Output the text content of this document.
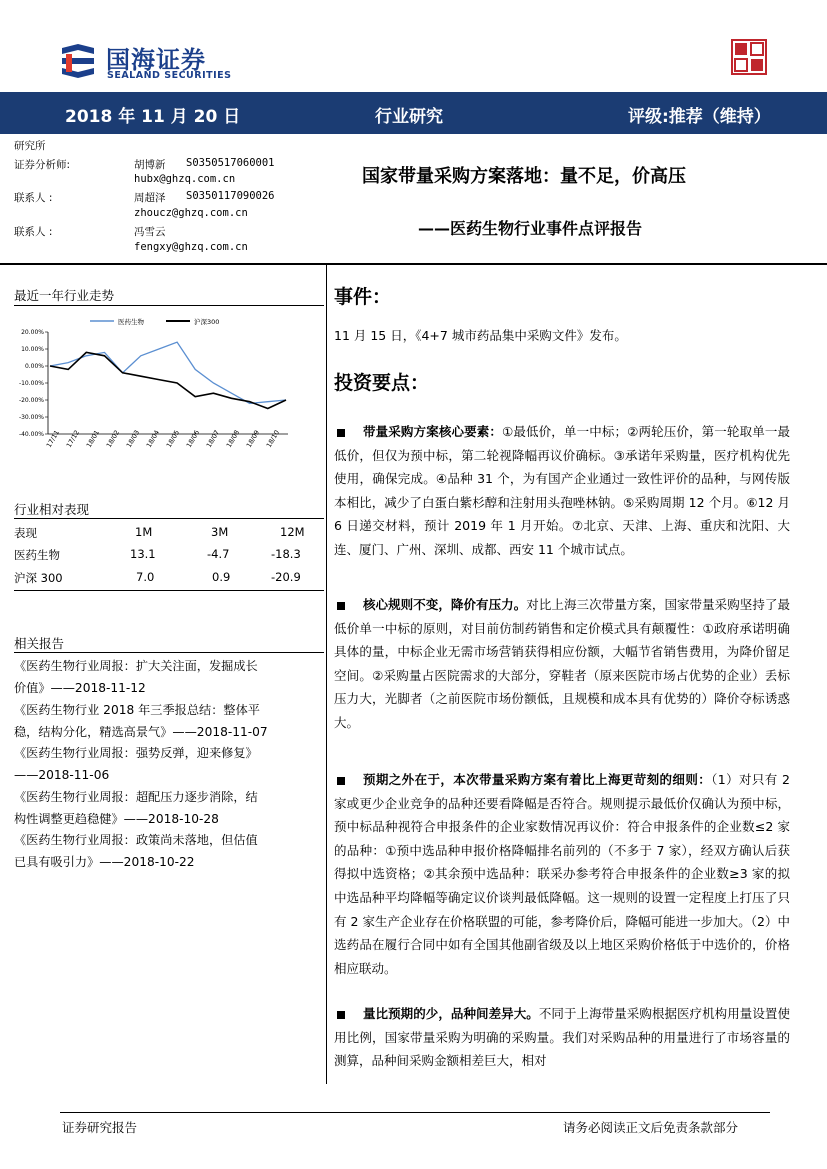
国海证券
SEALAND SECURITIES
2018 年 11 月 20 日	行业研究	评级:推荐（维持）
研究所
证券分析师:	胡博新 S0350517060001
hubx@ghzq.com.cn
联系人 :	周超泽 S0350117090026
zhoucz@ghzq.com.cn
联系人 :	冯雪云
fengxy@ghzq.com.cn
国家带量采购方案落地：量不足，价高压
——医药生物行业事件点评报告
最近一年行业走势
医药生物	沪深300
20.00%
10.00%
0.00%
-10.00%
-20.00%
-30.00%
-40.00% 17/11 17/12 18/01 18/02 18/03 18/04 18/05 18/06 18/07 18/08 18/09 18/10
行业相对表现
表现	1M	3M	12M
医药生物	13.1	-4.7	-18.3
沪深 300	7.0	0.9	-20.9
相关报告
《医药生物行业周报：扩大关注面，发掘成长
价值》——2018-11-12
《医药生物行业 2018 年三季报总结：整体平
稳，结构分化，精选高景气》——2018-11-07
《医药生物行业周报：强势反弹，迎来修复》
——2018-11-06
《医药生物行业周报：超配压力逐步消除，结
构性调整更趋稳健》——2018-10-28
《医药生物行业周报：政策尚未落地，但估值
已具有吸引力》——2018-10-22
事件：
11 月 15 日，《4+7 城市药品集中采购文件》发布。
投资要点：
带量采购方案核心要素：①最低价，单一中标；②两轮压价，第一轮取单一最低价，但仅为预中标，第二轮视降幅再议价确标。③承诺年采购量，医疗机构优先使用，确保完成。④品种 31 个，为有国产企业通过一致性评价的品种，与网传版本相比，减少了白蛋白紫杉醇和注射用头孢唑林钠。⑤采购周期 12 个月。⑥12 月 6 日递交材料，预计 2019 年 1 月开始。⑦北京、天津、上海、重庆和沈阳、大连、厦门、广州、深圳、成都、西安 11 个城市试点。
核心规则不变，降价有压力。对比上海三次带量方案，国家带量采购坚持了最低价单一中标的原则，对目前仿制药销售和定价模式具有颠覆性：①政府承诺明确具体的量，中标企业无需市场营销获得相应份额，大幅节省销售费用，为降价留足空间。②采购量占医院需求的大部分，穿鞋者（原来医院市场占优势的企业）丢标压力大，光脚者（之前医院市场份额低，且规模和成本具有优势的）降价夺标诱惑大。
预期之外在于，本次带量采购方案有着比上海更苛刻的细则：（1）对只有 2 家或更少企业竞争的品种还要看降幅是否符合。规则提示最低价仅确认为预中标，预中标品种视符合申报条件的企业家数情况再议价：符合申报条件的企业数≤2 家的品种：①预中选品种申报价格降幅排名前列的（不多于 7 家），经双方确认后获得拟中选资格；②其余预中选品种：联采办参考符合申报条件的企业数≥3 家的拟中选品种平均降幅等确定议价谈判最低降幅。这一规则的设置一定程度上打压了只有 2 家生产企业存在价格联盟的可能，参考降价后，降幅可能进一步加大。（2）中选药品在履行合同中如有全国其他副省级及以上地区采购价格低于中选价的，价格相应联动。
量比预期的少，品种间差异大。不同于上海带量采购根据医疗机构用量设置使用比例，国家带量采购为明确的采购量。我们对采购品种的用量进行了市场容量的测算，品种间采购金额相差巨大，相对
证券研究报告	请务必阅读正文后免责条款部分
